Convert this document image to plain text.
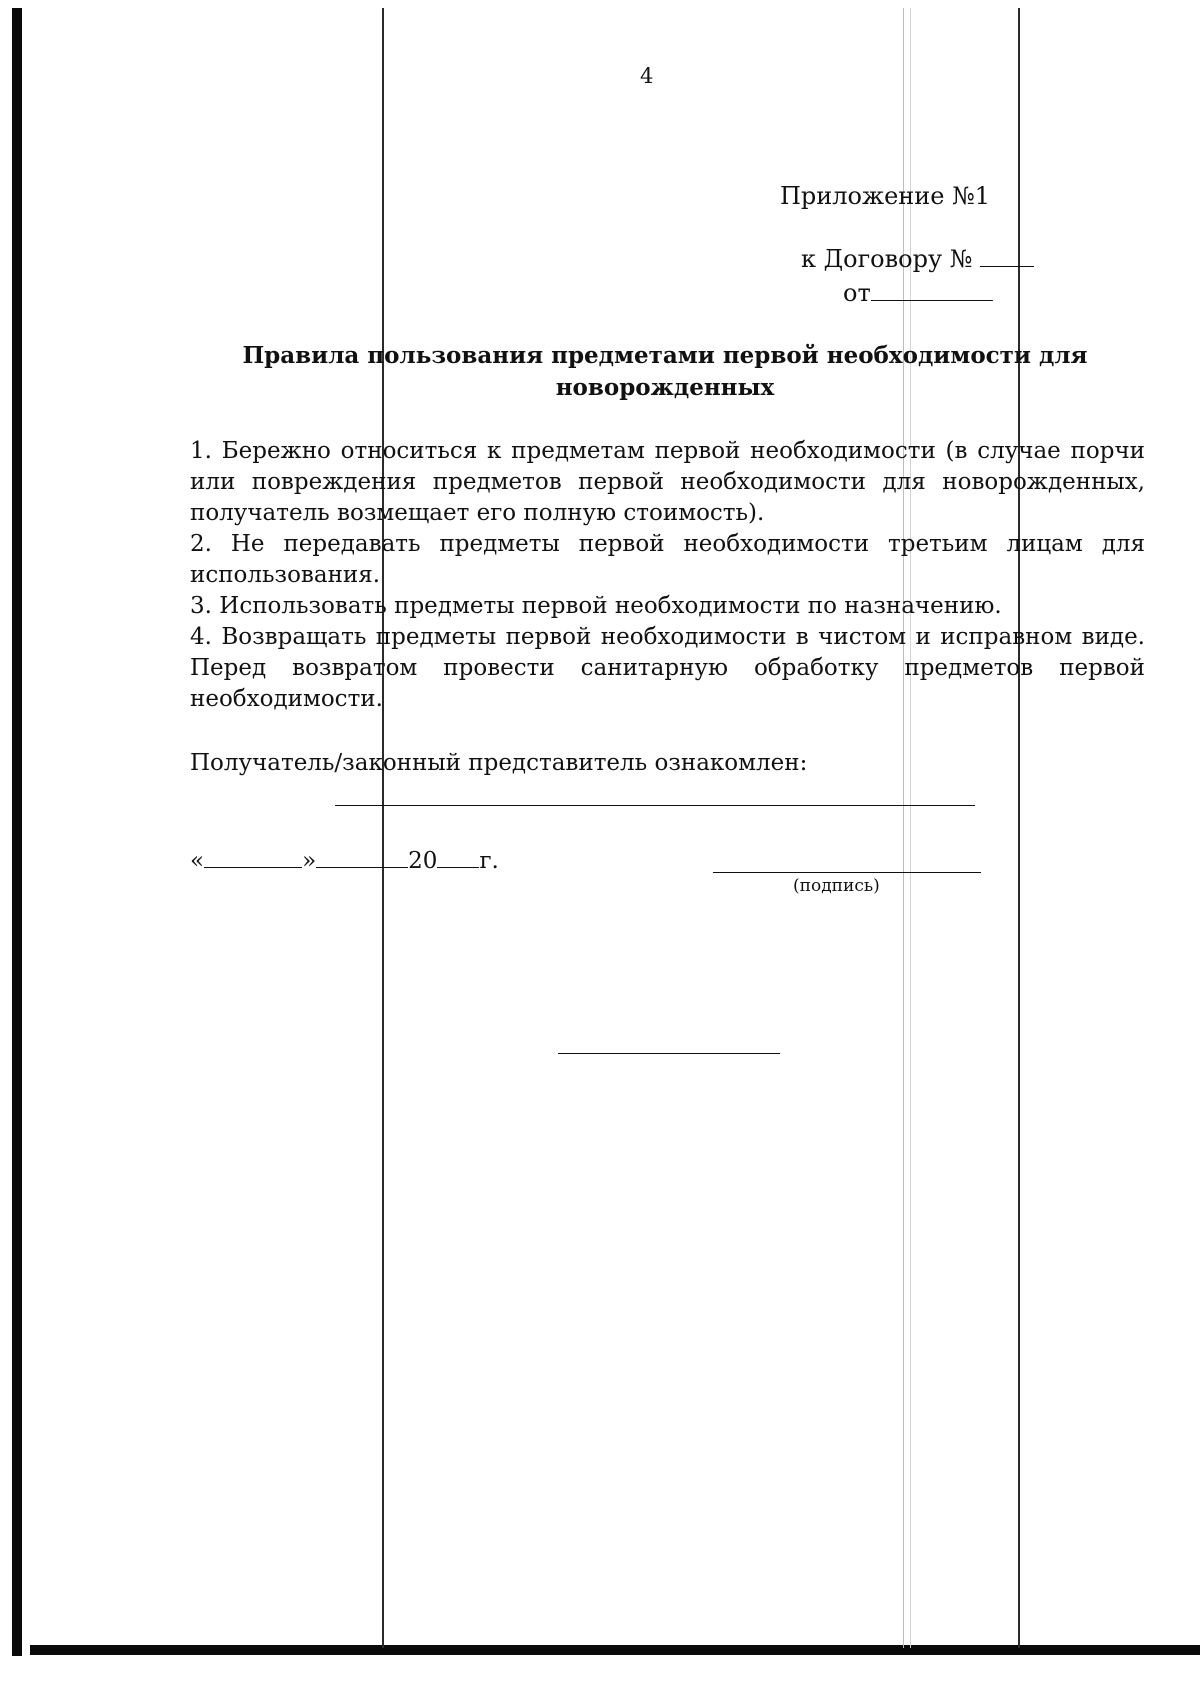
4
Приложение №1
к Договору №
от
Правила пользования предметами первой необходимости для новорожденных

1. Бережно относиться к предметам первой необходимости (в случае порчи или повреждения предметов первой необходимости для новорожденных, получатель возмещает его полную стоимость).

2. Не передавать предметы первой необходимости третьим лицам для использования.

3. Использовать предметы первой необходимости по назначению.

4. Возвращать предметы первой необходимости в чистом и исправном виде. Перед возвратом провести санитарную обработку предметов первой необходимости.

Получатель/законный представитель ознакомлен:
«	»	20 г.
(подпись)
